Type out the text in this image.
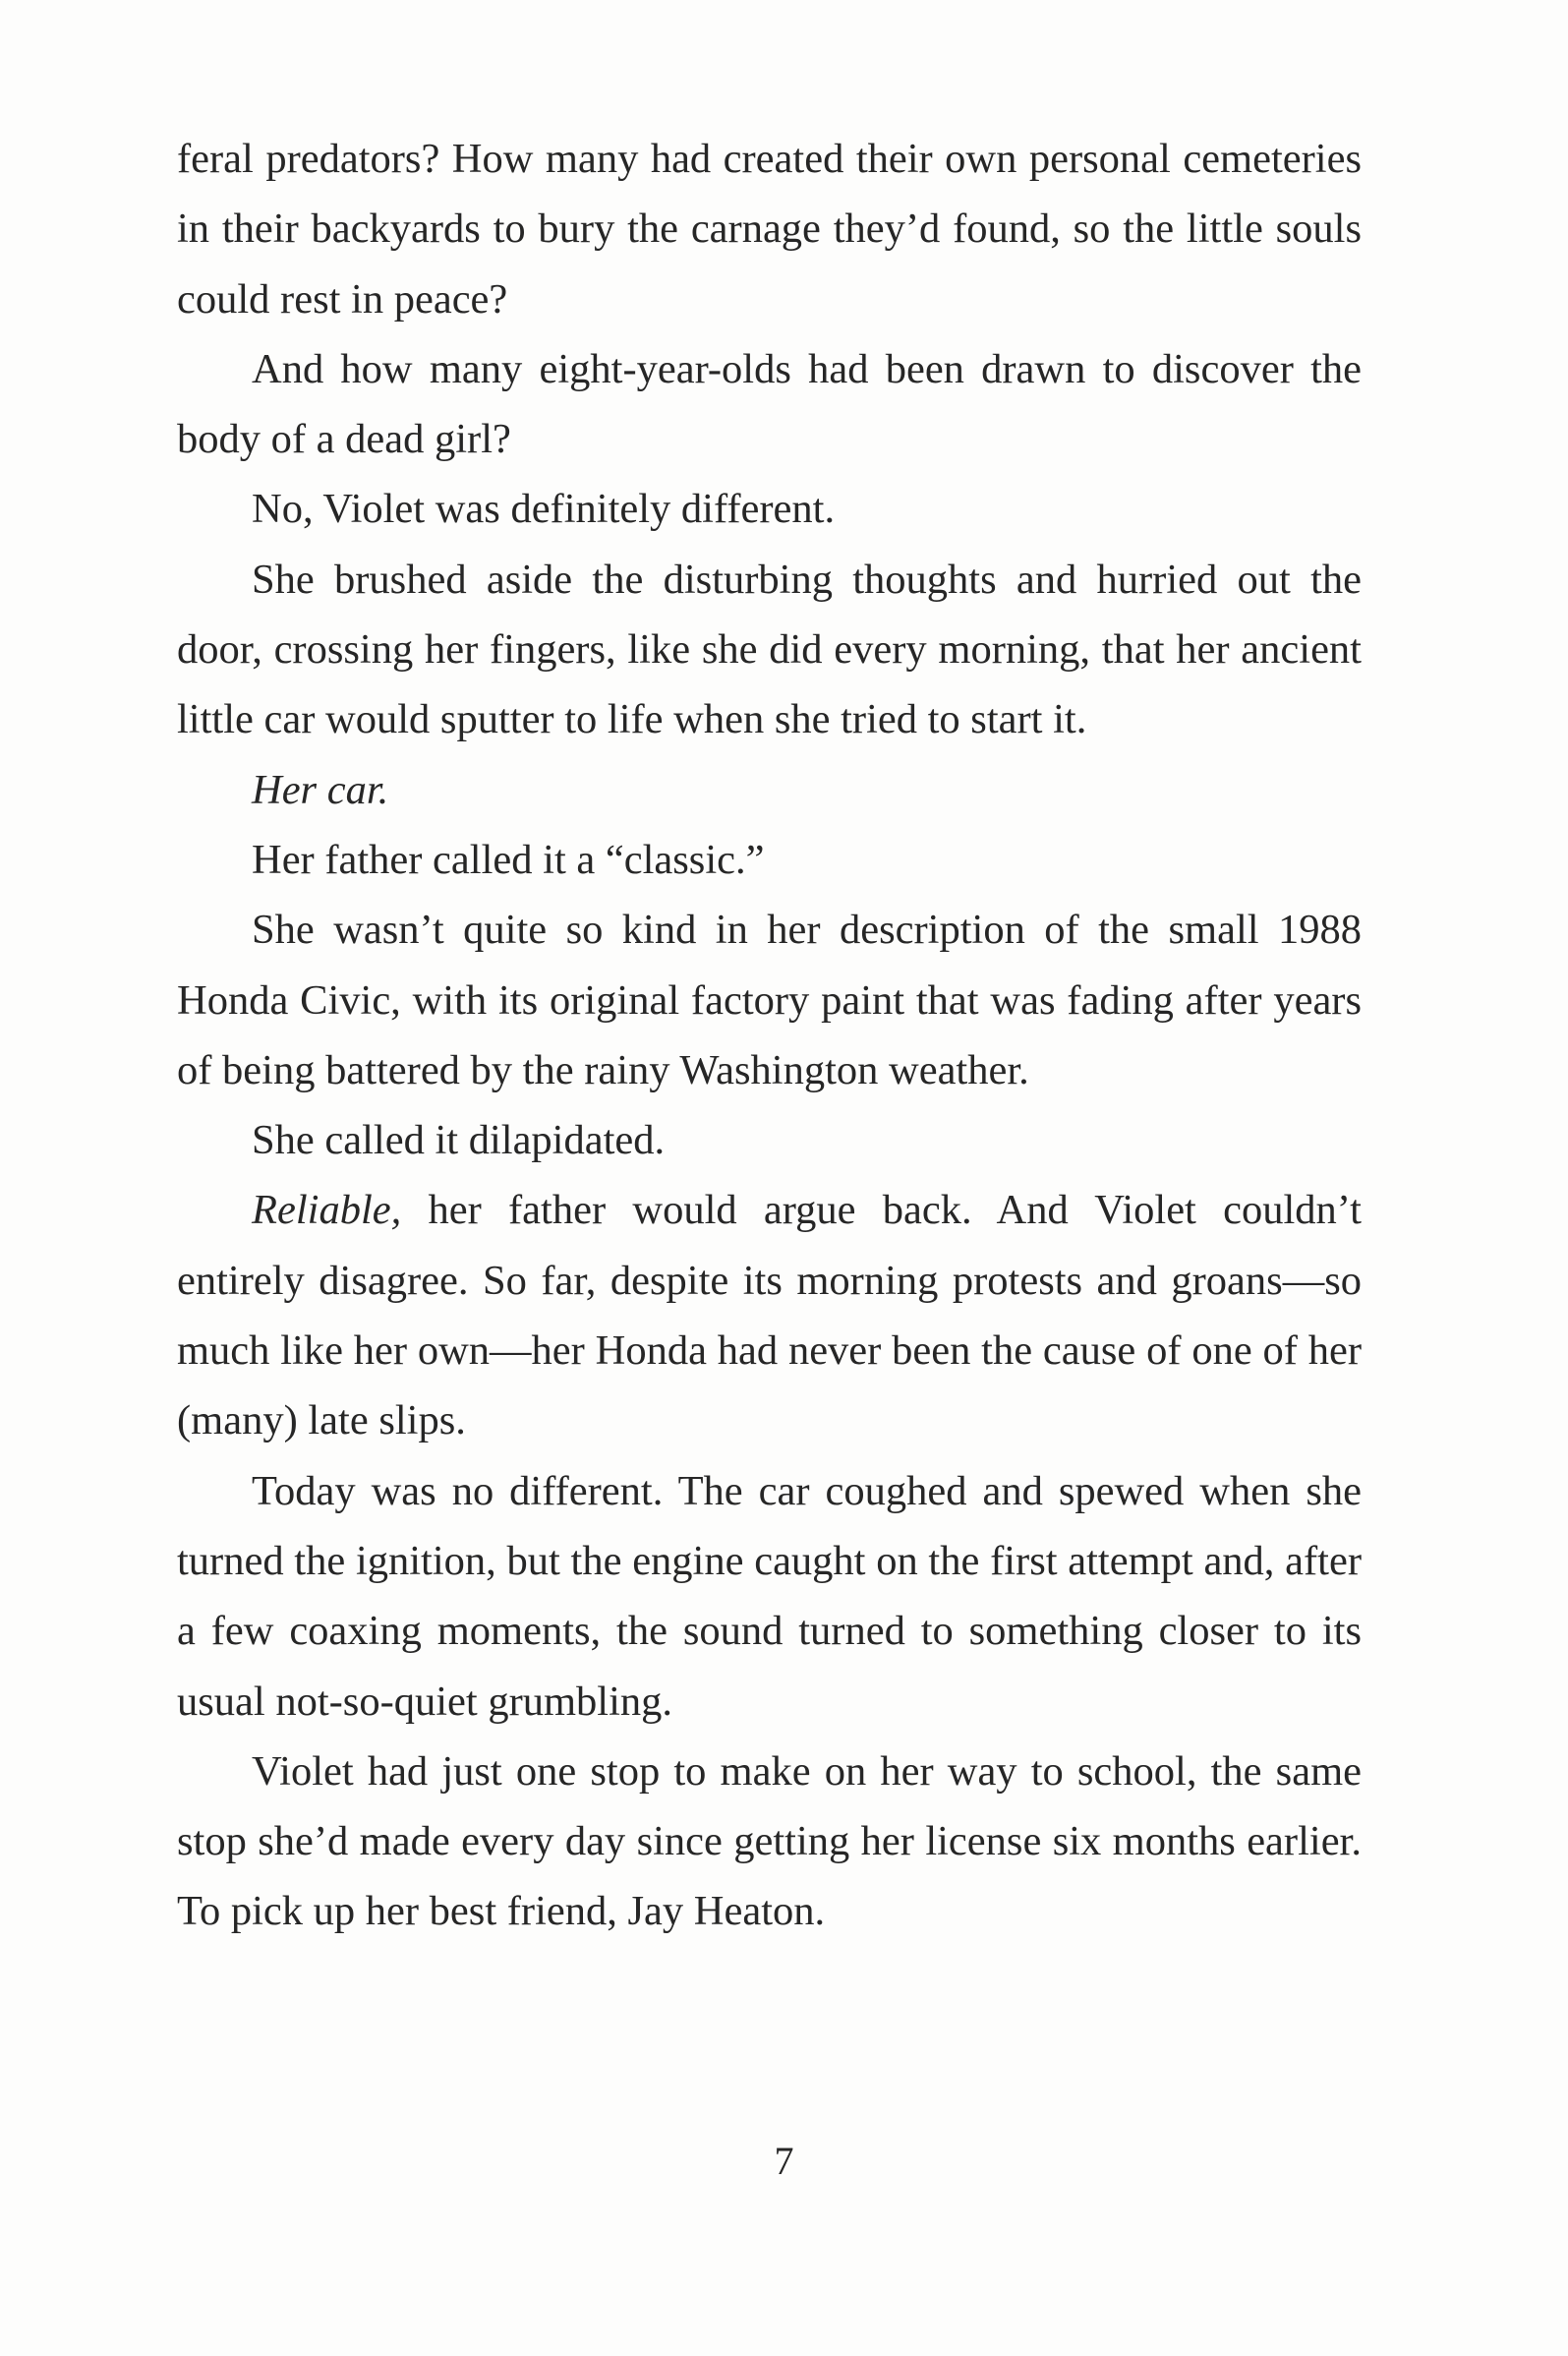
feral predators? How many had created their own personal cemeteries in their backyards to bury the carnage they’d found, so the little souls could rest in peace?

And how many eight-year-olds had been drawn to discover the body of a dead girl?

No, Violet was definitely different.

She brushed aside the disturbing thoughts and hurried out the door, crossing her fingers, like she did every morning, that her ancient little car would sputter to life when she tried to start it.

Her car.

Her father called it a “classic.”

She wasn’t quite so kind in her description of the small 1988 Honda Civic, with its original factory paint that was fading after years of being battered by the rainy Washington weather.

She called it dilapidated.

Reliable, her father would argue back. And Violet couldn’t entirely disagree. So far, despite its morning protests and groans—so much like her own—her Honda had never been the cause of one of her (many) late slips.

Today was no different. The car coughed and spewed when she turned the ignition, but the engine caught on the first attempt and, after a few coaxing moments, the sound turned to something closer to its usual not-so-quiet grumbling.

Violet had just one stop to make on her way to school, the same stop she’d made every day since getting her license six months earlier. To pick up her best friend, Jay Heaton.

7
